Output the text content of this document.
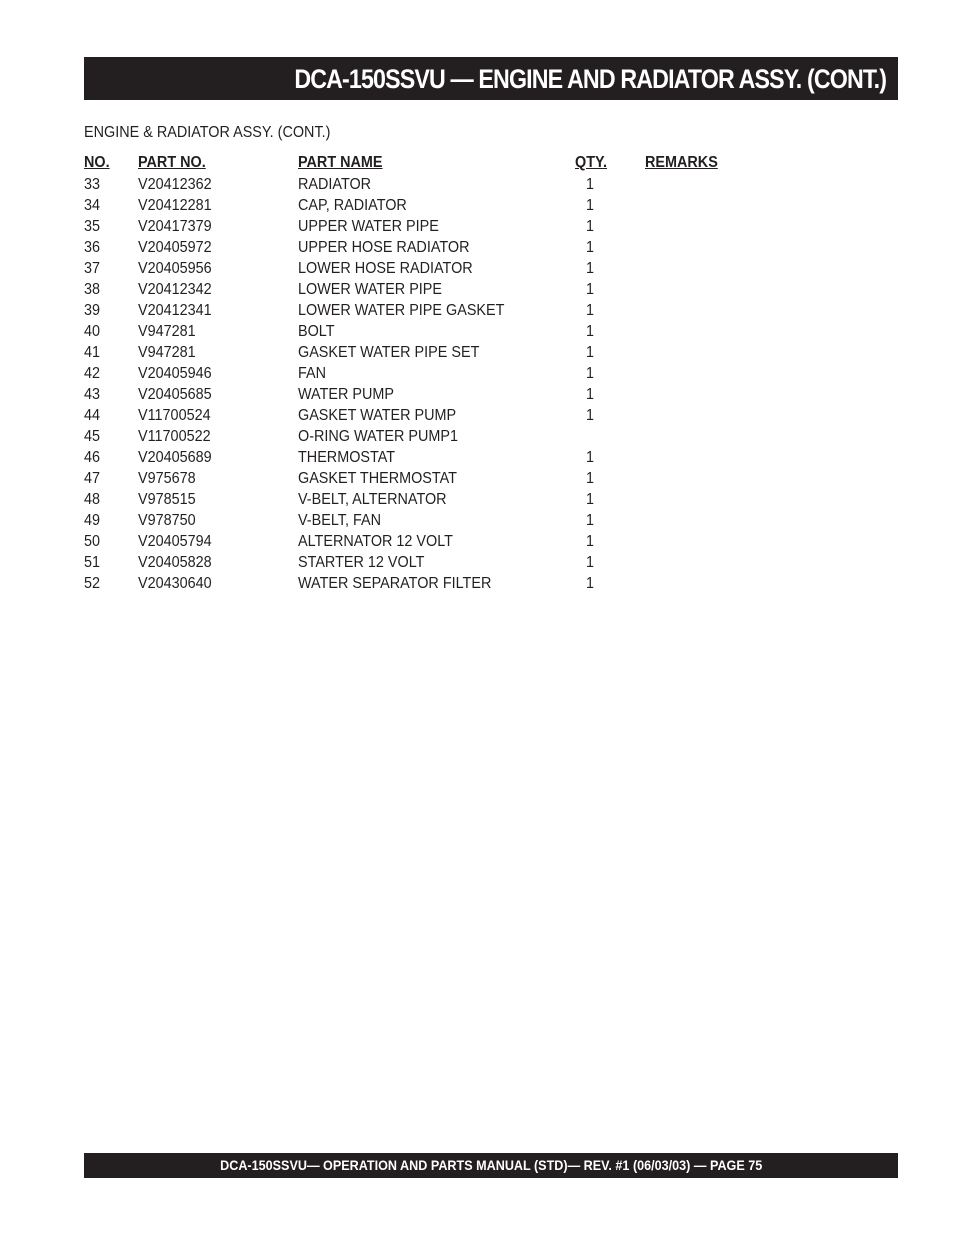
DCA-150SSVU — ENGINE AND RADIATOR ASSY. (CONT.)
ENGINE & RADIATOR ASSY. (CONT.)
NO. PART NO.	PART NAME	QTY. REMARKS
33 V20412362	RADIATOR	1
34 V20412281	CAP, RADIATOR	1
35 V20417379	UPPER WATER PIPE	1
36 V20405972	UPPER HOSE RADIATOR	1
37 V20405956	LOWER HOSE RADIATOR	1
38 V20412342	LOWER WATER PIPE	1
39 V20412341	LOWER WATER PIPE GASKET	1
40 V947281	BOLT	1
41 V947281	GASKET WATER PIPE SET	1
42 V20405946	FAN	1
43 V20405685	WATER PUMP	1
44 V11700524	GASKET WATER PUMP	1
45 V11700522	O-RING WATER PUMP1
46 V20405689	THERMOSTAT	1
47 V975678	GASKET THERMOSTAT	1
48 V978515	V-BELT, ALTERNATOR	1
49 V978750	V-BELT, FAN	1
50 V20405794	ALTERNATOR 12 VOLT	1
51 V20405828	STARTER 12 VOLT	1
52 V20430640	WATER SEPARATOR FILTER	1
DCA-150SSVU— OPERATION AND PARTS MANUAL (STD)— REV. #1 (06/03/03) — PAGE 75
